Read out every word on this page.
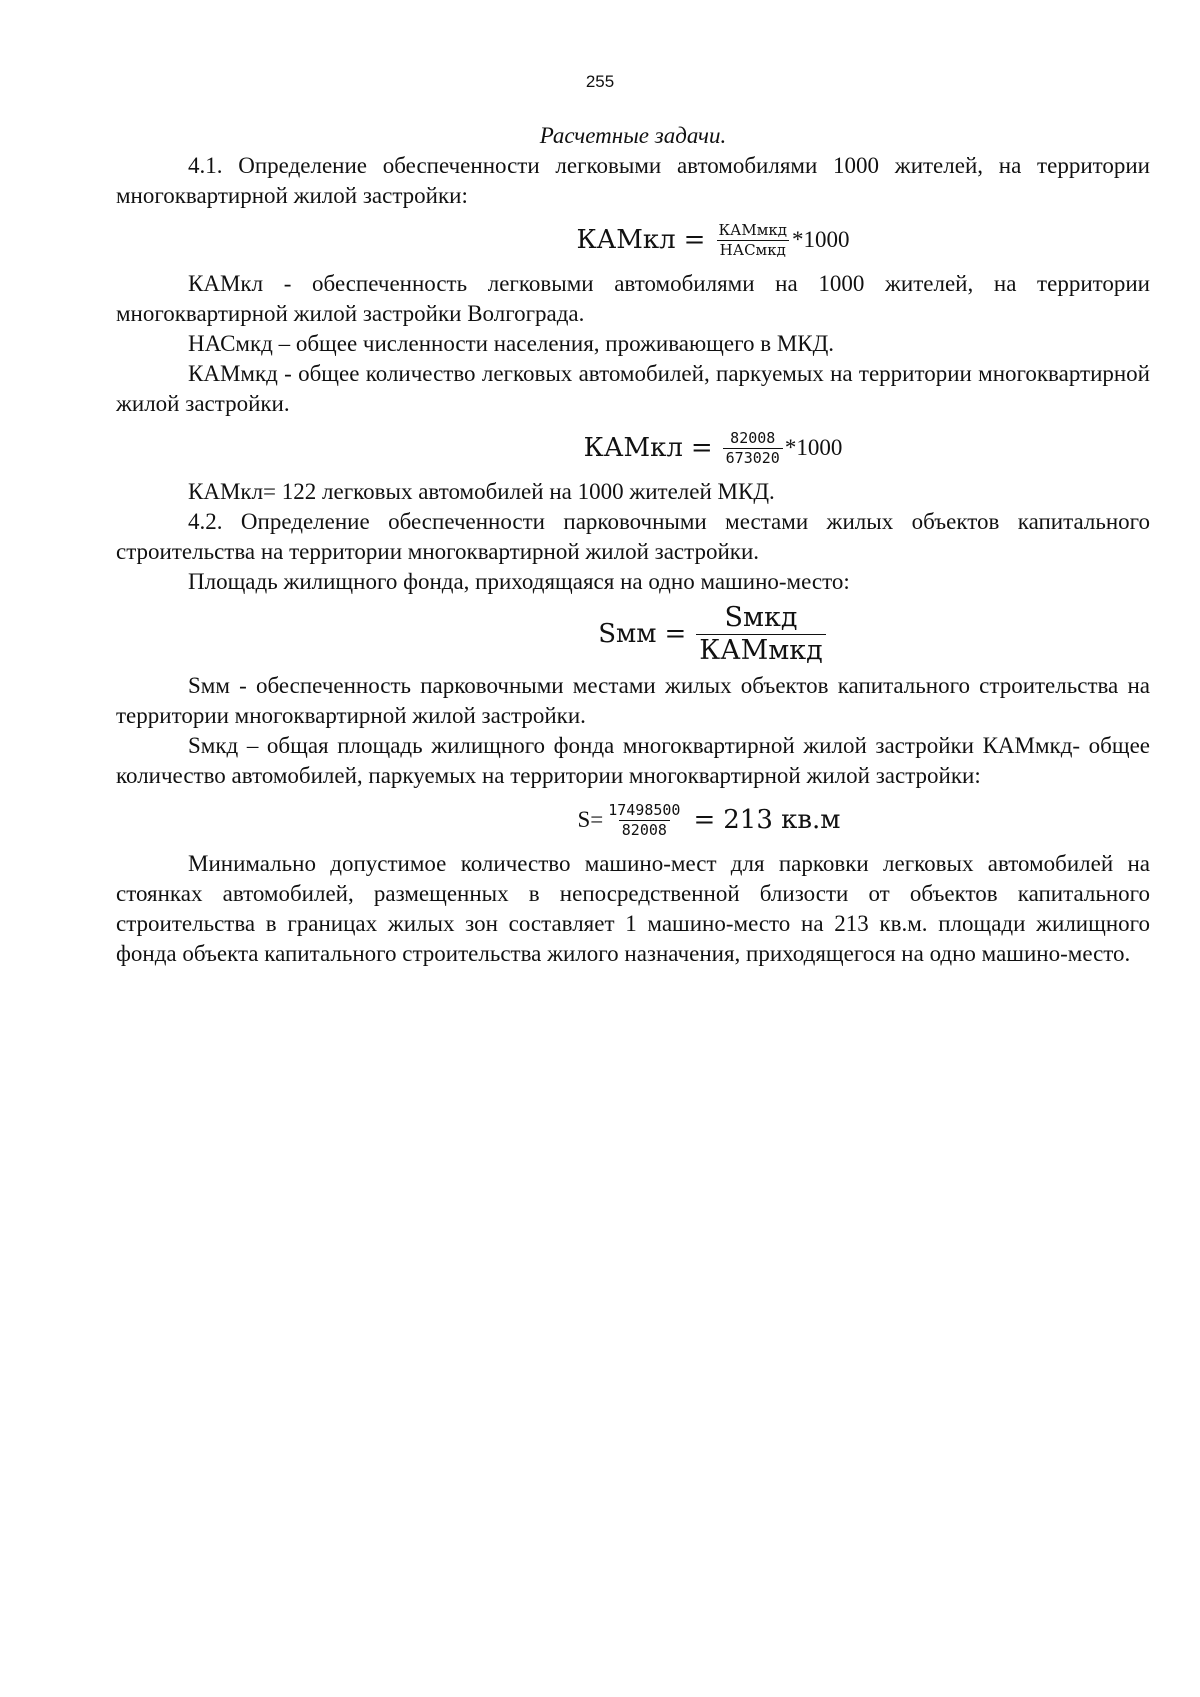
255
Расчетные задачи.

4.1. Определение обеспеченности легковыми автомобилями 1000 жителей, на территории многоквартирной жилой застройки:

КАМкл = $\frac{\text{КАМмкд}}{\text{НАСмкд}} *1000$

КАМкл - обеспеченность легковыми автомобилями на 1000 жителей, на территории многоквартирной жилой застройки Волгограда.

НАСмкд – общее численности населения, проживающего в МКД.

КАМмкд - общее количество легковых автомобилей, паркуемых на территории многоквартирной жилой застройки.

КАМкл = $\frac{82008}{673020} *1000$

КАМкл= 122 легковых автомобилей на 1000 жителей МКД.

4.2. Определение обеспеченности парковочными местами жилых объектов капитального строительства на территории многоквартирной жилой застройки.

Площадь жилищного фонда, приходящаяся на одно машино-место:

Sмм = $\frac{\text{Sмкд}}{\text{КАМмкд}}$

Sмм - обеспеченность парковочными местами жилых объектов капитального строительства на территории многоквартирной жилой застройки.

Sмкд – общая площадь жилищного фонда многоквартирной жилой застройки КАМмкд- общее количество автомобилей, паркуемых на территории многоквартирной жилой застройки:

$S= \frac{17498500}{82008} = 213$ кв.м

Минимально допустимое количество машино-мест для парковки легковых автомобилей на стоянках автомобилей, размещенных в непосредственной близости от объектов капитального строительства в границах жилых зон составляет 1 машино-место на 213 кв.м. площади жилищного фонда объекта капитального строительства жилого назначения, приходящегося на одно машино-место.
